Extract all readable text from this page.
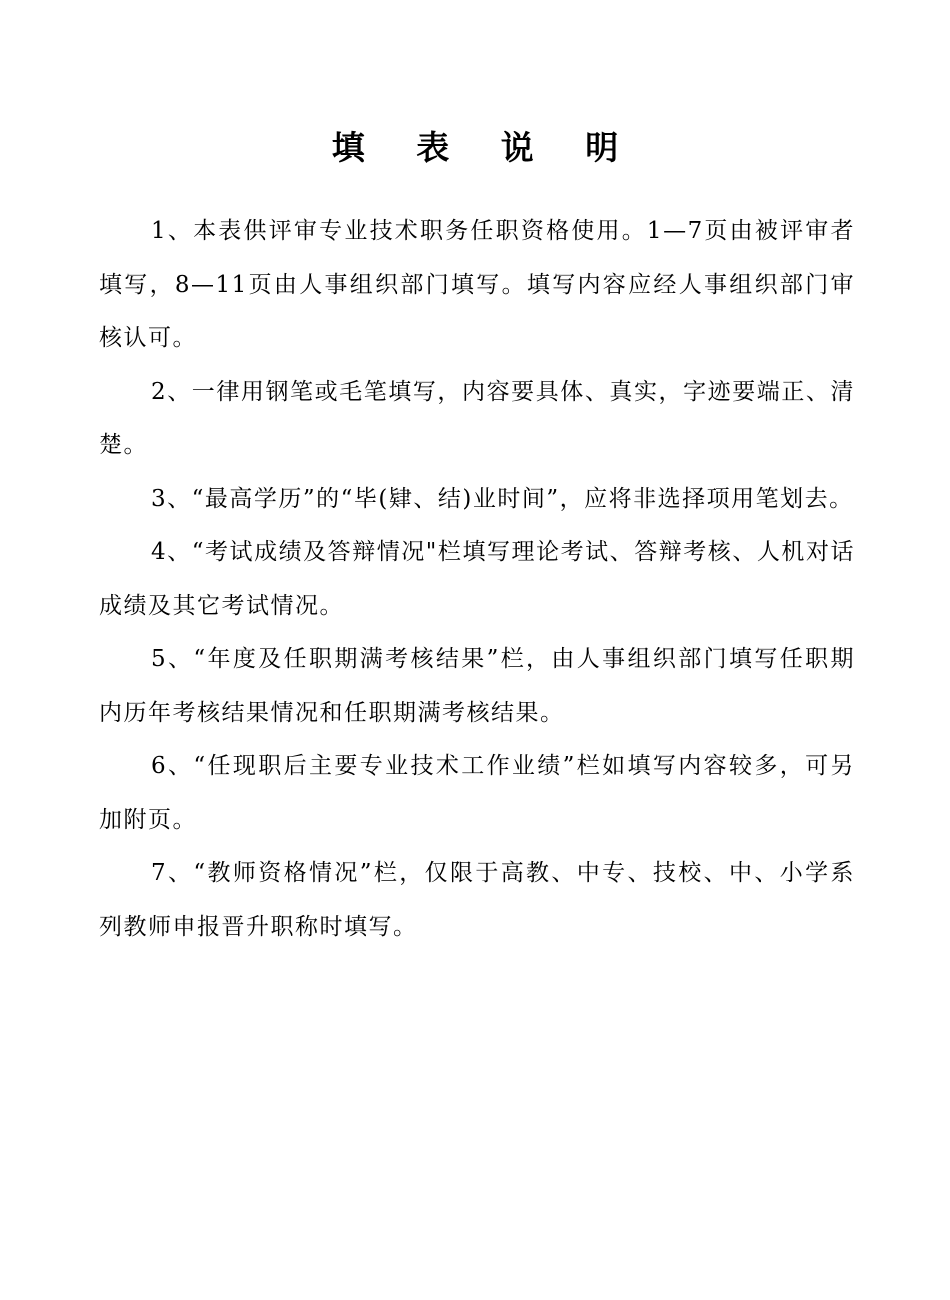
填 表 说 明

1、本表供评审专业技术职务任职资格使用。1—7页由被评审者填写，8—11页由人事组织部门填写。填写内容应经人事组织部门审核认可。

2、一律用钢笔或毛笔填写，内容要具体、真实，字迹要端正、清楚。

3、“最高学历”的“毕(肄、结)业时间”，应将非选择项用笔划去。

4、“考试成绩及答辩情况"栏填写理论考试、答辩考核、人机对话成绩及其它考试情况。

5、“年度及任职期满考核结果”栏，由人事组织部门填写任职期内历年考核结果情况和任职期满考核结果。

6、“任现职后主要专业技术工作业绩”栏如填写内容较多，可另加附页。

7、“教师资格情况”栏，仅限于高教、中专、技校、中、小学系列教师申报晋升职称时填写。
